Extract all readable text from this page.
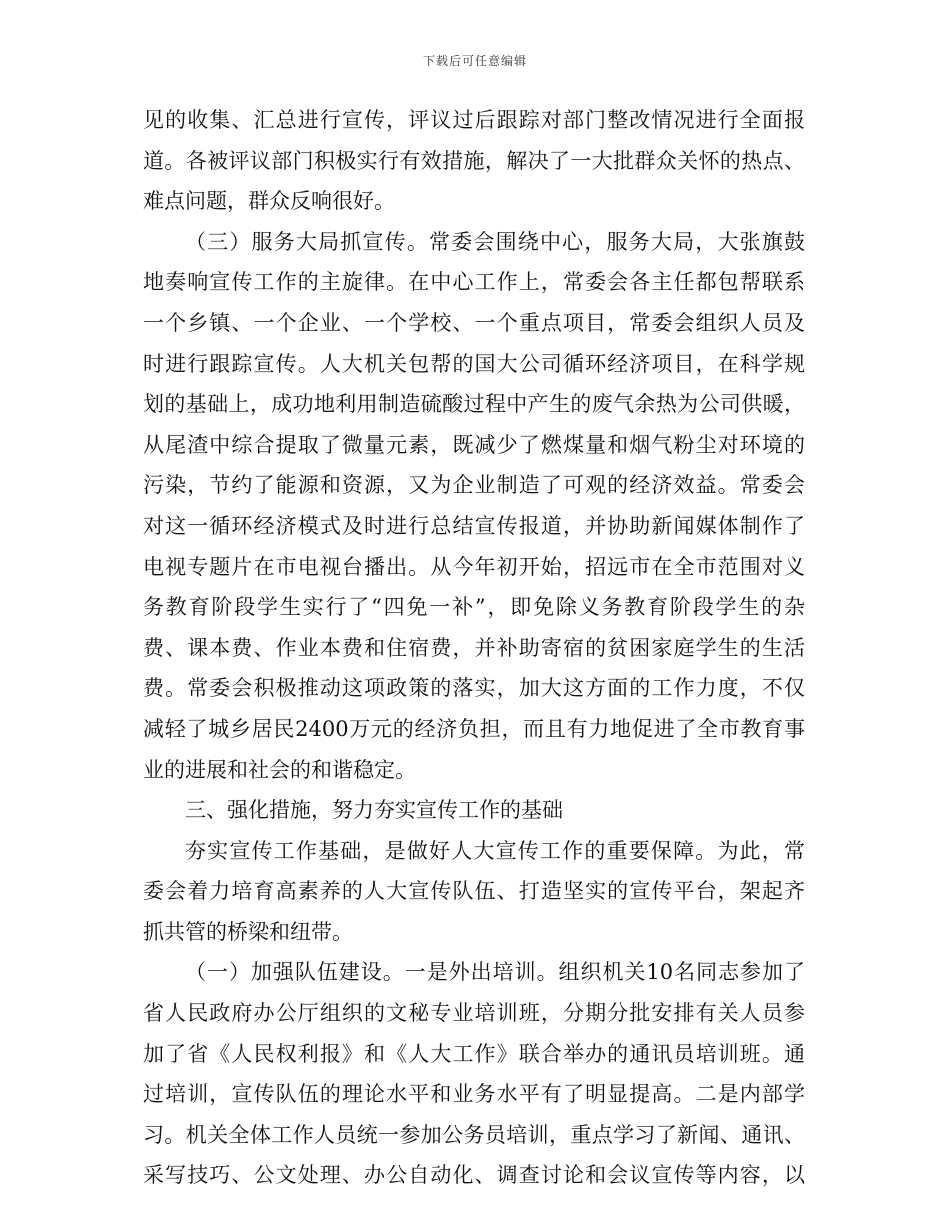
下载后可任意编辑
见的收集、汇总进行宣传，评议过后跟踪对部门整改情况进行全面报
道。各被评议部门积极实行有效措施，解决了一大批群众关怀的热点、
难点问题，群众反响很好。
（三）服务大局抓宣传。常委会围绕中心，服务大局，大张旗鼓
地奏响宣传工作的主旋律。在中心工作上，常委会各主任都包帮联系
一个乡镇、一个企业、一个学校、一个重点项目，常委会组织人员及
时进行跟踪宣传。人大机关包帮的国大公司循环经济项目，在科学规
划的基础上，成功地利用制造硫酸过程中产生的废气余热为公司供暖，
从尾渣中综合提取了微量元素，既减少了燃煤量和烟气粉尘对环境的
污染，节约了能源和资源，又为企业制造了可观的经济效益。常委会
对这一循环经济模式及时进行总结宣传报道，并协助新闻媒体制作了
电视专题片在市电视台播出。从今年初开始，招远市在全市范围对义
务教育阶段学生实行了“四免一补”，即免除义务教育阶段学生的杂
费、课本费、作业本费和住宿费，并补助寄宿的贫困家庭学生的生活
费。常委会积极推动这项政策的落实，加大这方面的工作力度，不仅
减轻了城乡居民2400万元的经济负担，而且有力地促进了全市教育事
业的进展和社会的和谐稳定。
三、强化措施，努力夯实宣传工作的基础
夯实宣传工作基础，是做好人大宣传工作的重要保障。为此，常
委会着力培育高素养的人大宣传队伍、打造坚实的宣传平台，架起齐
抓共管的桥梁和纽带。
（一）加强队伍建设。一是外出培训。组织机关10名同志参加了
省人民政府办公厅组织的文秘专业培训班，分期分批安排有关人员参
加了省《人民权利报》和《人大工作》联合举办的通讯员培训班。通
过培训，宣传队伍的理论水平和业务水平有了明显提高。二是内部学
习。机关全体工作人员统一参加公务员培训，重点学习了新闻、通讯、
采写技巧、公文处理、办公自动化、调查讨论和会议宣传等内容，以
